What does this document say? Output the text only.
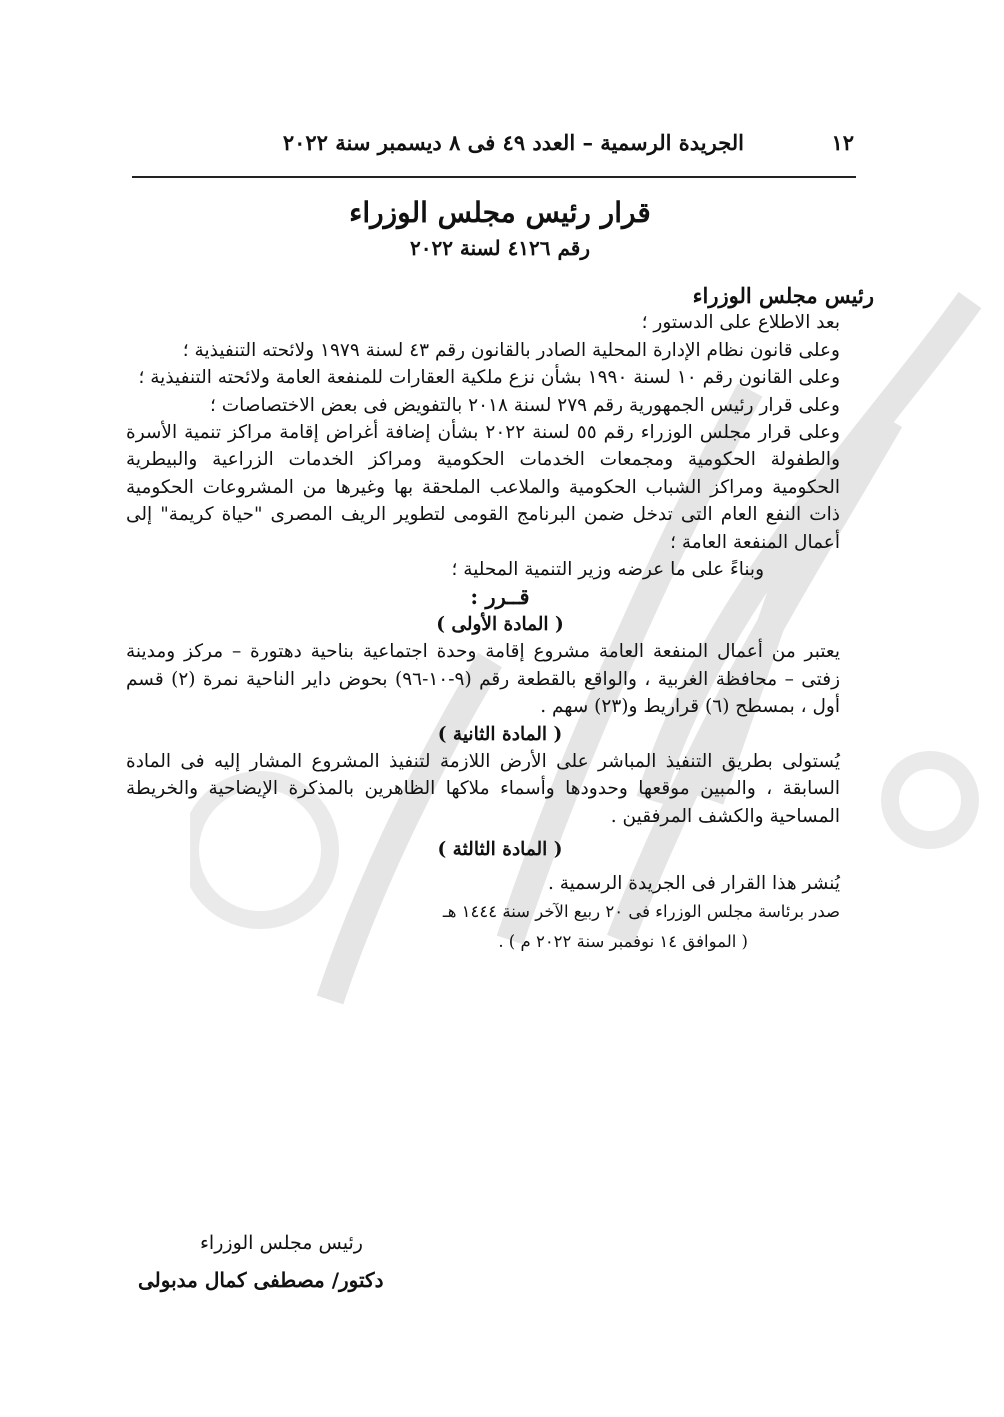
١٢
الجريدة الرسمية – العدد ٤٩ فى ٨ ديسمبر سنة ٢٠٢٢
قرار رئيس مجلس الوزراء
رقم ٤١٢٦ لسنة ٢٠٢٢

رئيس مجلس الوزراء

بعد الاطلاع على الدستور ؛

وعلى قانون نظام الإدارة المحلية الصادر بالقانون رقم ٤٣ لسنة ١٩٧٩ ولائحته التنفيذية ؛

وعلى القانون رقم ١٠ لسنة ١٩٩٠ بشأن نزع ملكية العقارات للمنفعة العامة ولائحته التنفيذية ؛

وعلى قرار رئيس الجمهورية رقم ٢٧٩ لسنة ٢٠١٨ بالتفويض فى بعض الاختصاصات ؛

وعلى قرار مجلس الوزراء رقم ٥٥ لسنة ٢٠٢٢ بشأن إضافة أغراض إقامة مراكز تنمية الأسرة والطفولة الحكومية ومجمعات الخدمات الحكومية ومراكز الخدمات الزراعية والبيطرية الحكومية ومراكز الشباب الحكومية والملاعب الملحقة بها وغيرها من المشروعات الحكومية ذات النفع العام التى تدخل ضمن البرنامج القومى لتطوير الريف المصرى "حياة كريمة" إلى أعمال المنفعة العامة ؛

وبناءً على ما عرضه وزير التنمية المحلية ؛

قــرر :

( المادة الأولى )

يعتبر من أعمال المنفعة العامة مشروع إقامة وحدة اجتماعية بناحية دهتورة – مركز ومدينة زفتى – محافظة الغربية ، والواقع بالقطعة رقم (٩-١٠-٩٦) بحوض داير الناحية نمرة (٢) قسم أول ، بمسطح (٦) قراريط و(٢٣) سهم .

( المادة الثانية )

يُستولى بطريق التنفيذ المباشر على الأرض اللازمة لتنفيذ المشروع المشار إليه فى المادة السابقة ، والمبين موقعها وحدودها وأسماء ملاكها الظاهرين بالمذكرة الإيضاحية والخريطة المساحية والكشف المرفقين .

( المادة الثالثة )

يُنشر هذا القرار فى الجريدة الرسمية .

صدر برئاسة مجلس الوزراء فى ٢٠ ربيع الآخر سنة ١٤٤٤ هـ

( الموافق ١٤ نوفمبر سنة ٢٠٢٢ م ) .

رئيس مجلس الوزراء
دكتور/ مصطفى كمال مدبولى
